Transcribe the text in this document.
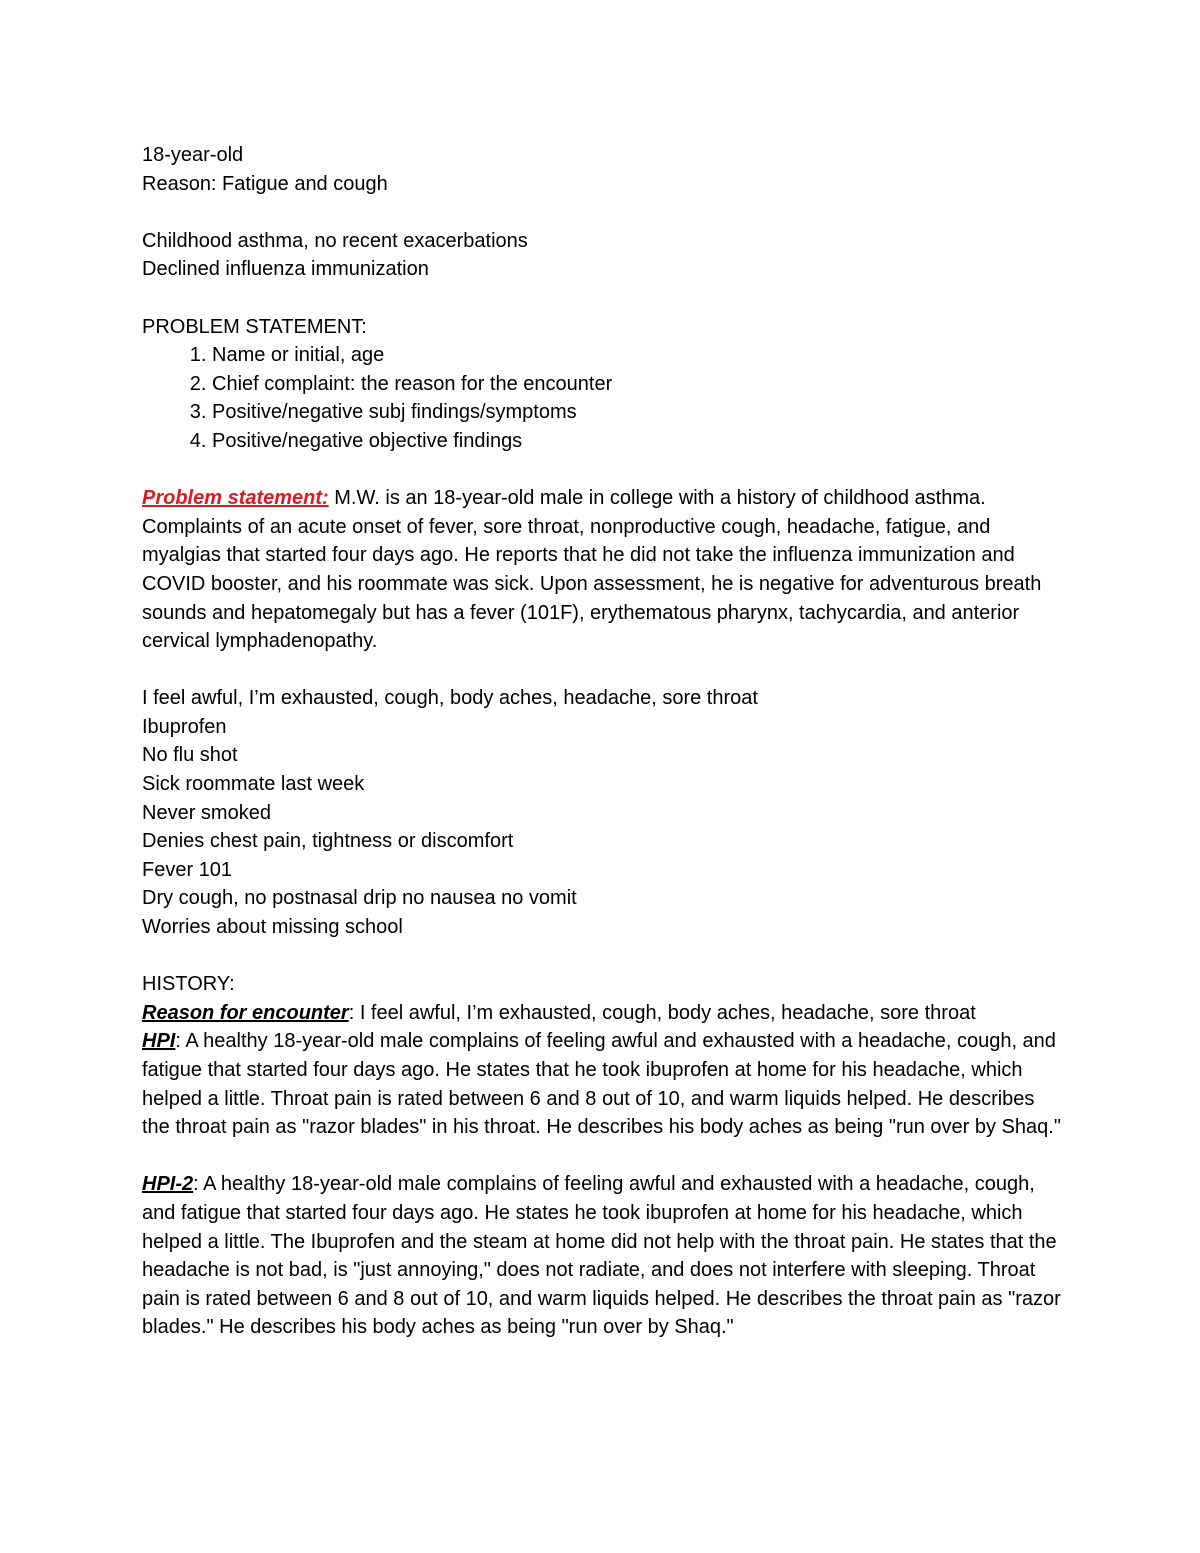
18-year-old
Reason: Fatigue and cough
Childhood asthma, no recent exacerbations
Declined influenza immunization
PROBLEM STATEMENT:
1. Name or initial, age
2. Chief complaint: the reason for the encounter
3. Positive/negative subj findings/symptoms
4. Positive/negative objective findings

Problem statement: M.W. is an 18-year-old male in college with a history of childhood asthma. Complaints of an acute onset of fever, sore throat, nonproductive cough, headache, fatigue, and myalgias that started four days ago. He reports that he did not take the influenza immunization and COVID booster, and his roommate was sick. Upon assessment, he is negative for adventurous breath sounds and hepatomegaly but has a fever (101F), erythematous pharynx, tachycardia, and anterior cervical lymphadenopathy.

I feel awful, I’m exhausted, cough, body aches, headache, sore throat
Ibuprofen
No flu shot
Sick roommate last week
Never smoked
Denies chest pain, tightness or discomfort
Fever 101
Dry cough, no postnasal drip no nausea no vomit
Worries about missing school
HISTORY:
Reason for encounter: I feel awful, I’m exhausted, cough, body aches, headache, sore throat

HPI: A healthy 18-year-old male complains of feeling awful and exhausted with a headache, cough, and fatigue that started four days ago. He states that he took ibuprofen at home for his headache, which helped a little. Throat pain is rated between 6 and 8 out of 10, and warm liquids helped. He describes the throat pain as "razor blades" in his throat. He describes his body aches as being "run over by Shaq."

HPI-2: A healthy 18-year-old male complains of feeling awful and exhausted with a headache, cough, and fatigue that started four days ago. He states he took ibuprofen at home for his headache, which helped a little. The Ibuprofen and the steam at home did not help with the throat pain. He states that the headache is not bad, is "just annoying," does not radiate, and does not interfere with sleeping. Throat pain is rated between 6 and 8 out of 10, and warm liquids helped. He describes the throat pain as "razor blades." He describes his body aches as being "run over by Shaq."
